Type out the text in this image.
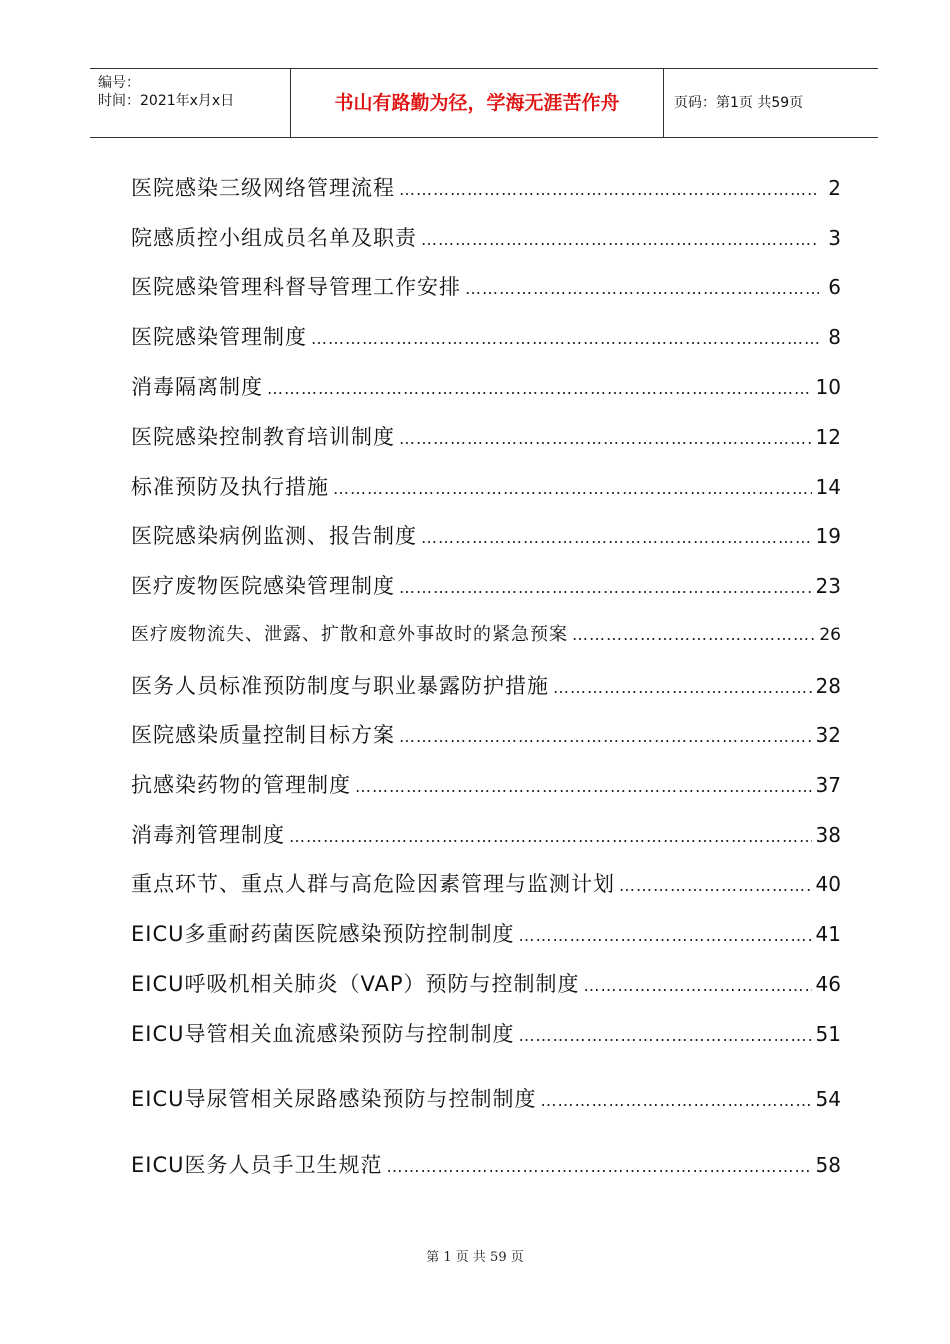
编号：
时间：2021年x月x日	书山有路勤为径，学海无涯苦作舟	页码：第1页 共59页
医院感染三级网络管理流程 ……………………………………………………………………………………………………………………………………………………	2
院感质控小组成员名单及职责 ……………………………………………………………………………………………………………………………………………………	3
医院感染管理科督导管理工作安排 ……………………………………………………………………………………………………………………………………………………	6
医院感染管理制度 ……………………………………………………………………………………………………………………………………………………	8
消毒隔离制度 ……………………………………………………………………………………………………………………………………………………	10
医院感染控制教育培训制度 ……………………………………………………………………………………………………………………………………………………	12
标准预防及执行措施 ……………………………………………………………………………………………………………………………………………………	14
医院感染病例监测、报告制度 ……………………………………………………………………………………………………………………………………………………	19
医疗废物医院感染管理制度 ……………………………………………………………………………………………………………………………………………………	23
医疗废物流失、泄露、扩散和意外事故时的紧急预案 ……………………………………………………………………………………………………………………………………………………	26
医务人员标准预防制度与职业暴露防护措施 ……………………………………………………………………………………………………………………………………………………	28
医院感染质量控制目标方案 ……………………………………………………………………………………………………………………………………………………	32
抗感染药物的管理制度 ……………………………………………………………………………………………………………………………………………………	37
消毒剂管理制度 ……………………………………………………………………………………………………………………………………………………	38
重点环节、重点人群与高危险因素管理与监测计划 ……………………………………………………………………………………………………………………………………………………	40
EICU多重耐药菌医院感染预防控制制度 ……………………………………………………………………………………………………………………………………………………	41
EICU呼吸机相关肺炎（VAP）预防与控制制度 ……………………………………………………………………………………………………………………………………………………	46
EICU导管相关血流感染预防与控制制度 ……………………………………………………………………………………………………………………………………………………	51
EICU导尿管相关尿路感染预防与控制制度 ……………………………………………………………………………………………………………………………………………………	54
EICU医务人员手卫生规范 ……………………………………………………………………………………………………………………………………………………	58
第 1 页 共 59 页
